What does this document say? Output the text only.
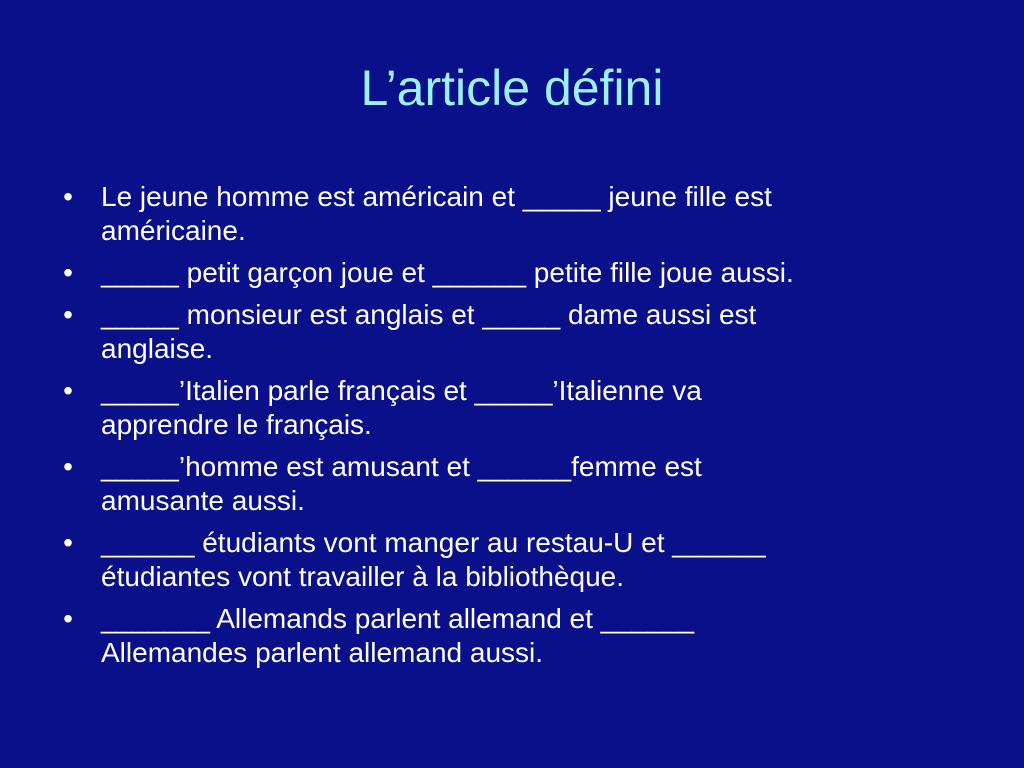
L’article défini
• Le jeune homme est américain et _____ jeune fille est
américaine.
• _____ petit garçon joue et ______ petite fille joue aussi.
• _____ monsieur est anglais et _____ dame aussi est
anglaise.
• _____’Italien parle français et _____’Italienne va
apprendre le français.
• _____’homme est amusant et ______femme est
amusante aussi.
• ______ étudiants vont manger au restau-U et ______
étudiantes vont travailler à la bibliothèque.
• _______ Allemands parlent allemand et ______
Allemandes parlent allemand aussi.
